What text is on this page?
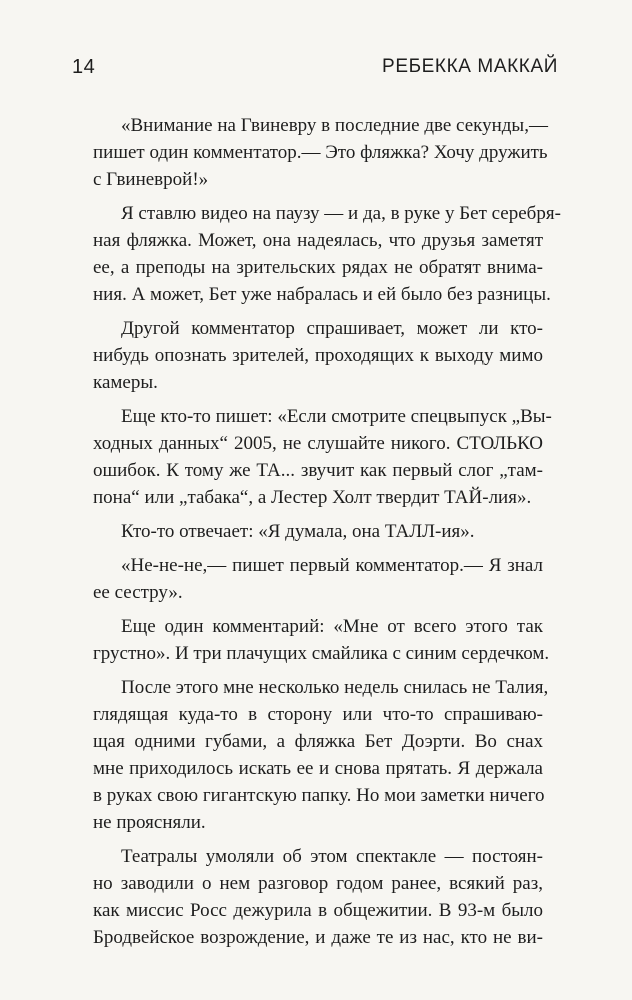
14	РЕБЕККА МАККАЙ
«Внимание на Гвиневру в последние две секунды,—
пишет один комментатор.— Это фляжка? Хочу дружить
с Гвиневрой!»
Я ставлю видео на паузу — и да, в руке у Бет серебря-
ная фляжка. Может, она надеялась, что друзья заметят
ее, а преподы на зрительских рядах не обратят внима-
ния. А может, Бет уже набралась и ей было без разницы.
Другой комментатор спрашивает, может ли кто-
нибудь опознать зрителей, проходящих к выходу мимо
камеры.
Еще кто-то пишет: «Если смотрите спецвыпуск „Вы-
ходных данных“ 2005, не слушайте никого. СТОЛЬКО
ошибок. К тому же ТА... звучит как первый слог „там-
пона“ или „табака“, а Лестер Холт твердит ТАЙ-лия».
Кто-то отвечает: «Я думала, она ТАЛЛ-ия».
«Не-не-не,— пишет первый комментатор.— Я знал
ее сестру».
Еще один комментарий: «Мне от всего этого так
грустно». И три плачущих смайлика с синим сердечком.
После этого мне несколько недель снилась не Талия,
глядящая куда-то в сторону или что-то спрашиваю-
щая одними губами, а фляжка Бет Доэрти. Во снах
мне приходилось искать ее и снова прятать. Я держала
в руках свою гигантскую папку. Но мои заметки ничего
не проясняли.
Театралы умоляли об этом спектакле — постоян-
но заводили о нем разговор годом ранее, всякий раз,
как миссис Росс дежурила в общежитии. В 93-м было
Бродвейское возрождение, и даже те из нас, кто не ви-
